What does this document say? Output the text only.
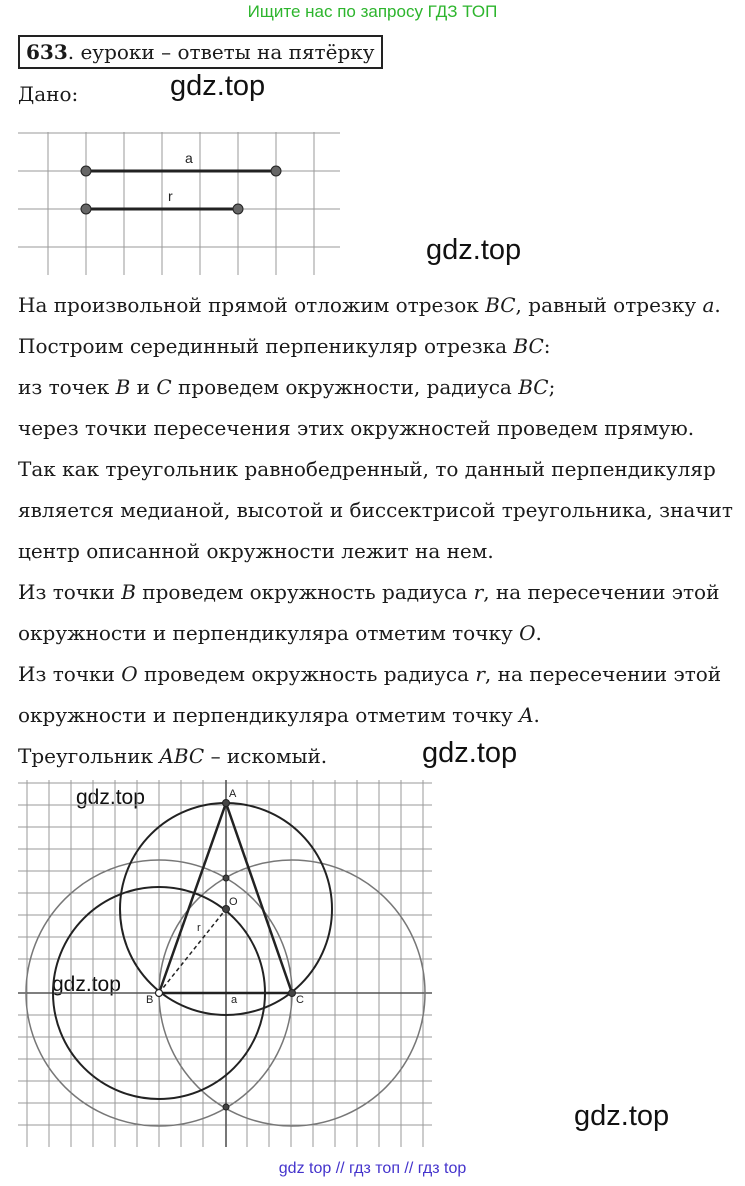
Ищите нас по запросу ГДЗ ТОП
633. еуроки – ответы на пятёрку
Дано:	gdz.top
gdz.top
gdz.top
gdz.top
gdz.top
gdz.top
a
r

На произвольной прямой отложим отрезок BC, равный отрезку a.

Построим серединный перпеникуляр отрезка BC:

из точек B и C проведем окружности, радиуса BC;

через точки пересечения этих окружностей проведем прямую.

Так как треугольник равнобедренный, то данный перпендикуляр

является медианой, высотой и биссектрисой треугольника, значит

центр описанной окружности лежит на нем.

Из точки B проведем окружность радиуса r, на пересечении этой

окружности и перпендикуляра отметим точку O.

Из точки O проведем окружность радиуса r, на пересечении этой

окружности и перпендикуляра отметим точку A.

Треугольник ABC – искомый.

A
O
B	C
r
a
gdz top // гдз топ // гдз top
